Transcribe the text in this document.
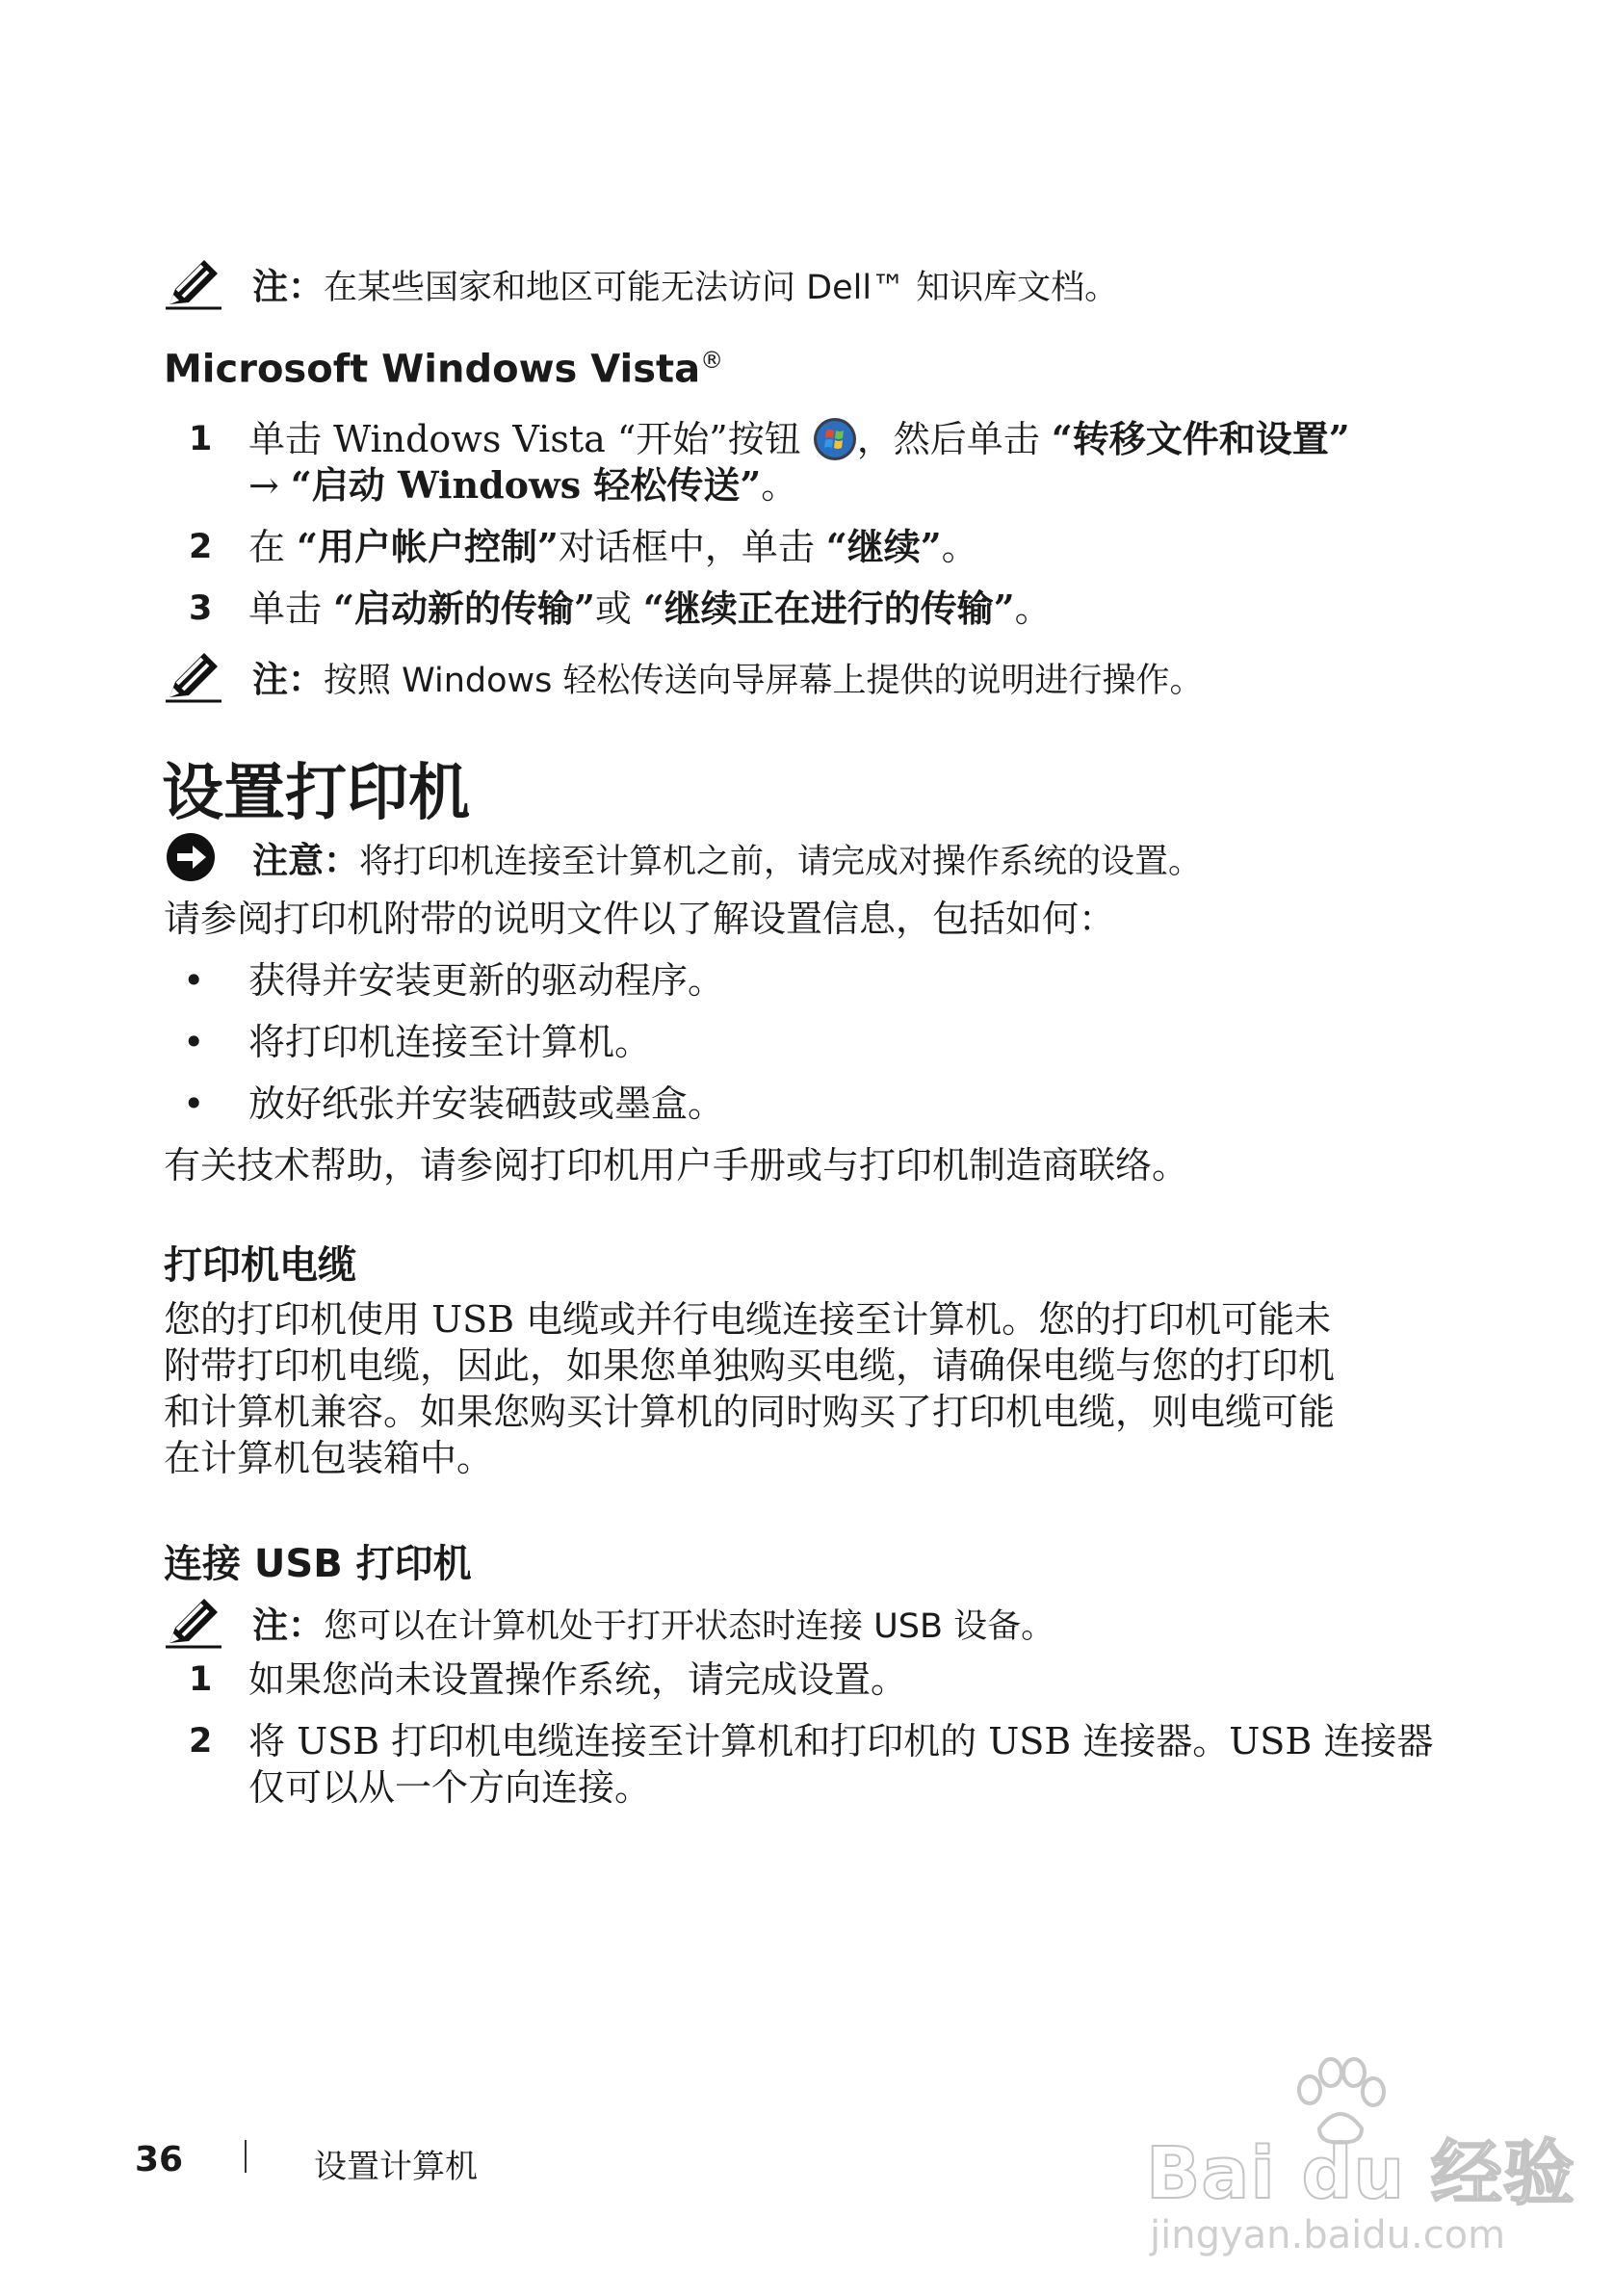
注：在某些国家和地区可能无法访问 Dell™ 知识库文档。
Microsoft Windows Vista®
1 单击 Windows Vista “开始”按钮 ，然后单击 “转移文件和设置”
→ “启动 Windows 轻松传送”。
2 在 “用户帐户控制”对话框中，单击 “继续”。
3 单击 “启动新的传输”或 “继续正在进行的传输”。
注：按照 Windows 轻松传送向导屏幕上提供的说明进行操作。
设置打印机
注意：将打印机连接至计算机之前，请完成对操作系统的设置。
请参阅打印机附带的说明文件以了解设置信息，包括如何：
• 获得并安装更新的驱动程序。
• 将打印机连接至计算机。
• 放好纸张并安装硒鼓或墨盒。
有关技术帮助，请参阅打印机用户手册或与打印机制造商联络。
打印机电缆
您的打印机使用 USB 电缆或并行电缆连接至计算机。您的打印机可能未
附带打印机电缆，因此，如果您单独购买电缆，请确保电缆与您的打印机
和计算机兼容。如果您购买计算机的同时购买了打印机电缆，则电缆可能
在计算机包装箱中。
连接 USB 打印机
注：您可以在计算机处于打开状态时连接 USB 设备。
1 如果您尚未设置操作系统，请完成设置。
2 将 USB 打印机电缆连接至计算机和打印机的 USB 连接器。USB 连接器
仅可以从一个方向连接。
36	设置计算机	Bai du 经验
jingyan.baidu.com
